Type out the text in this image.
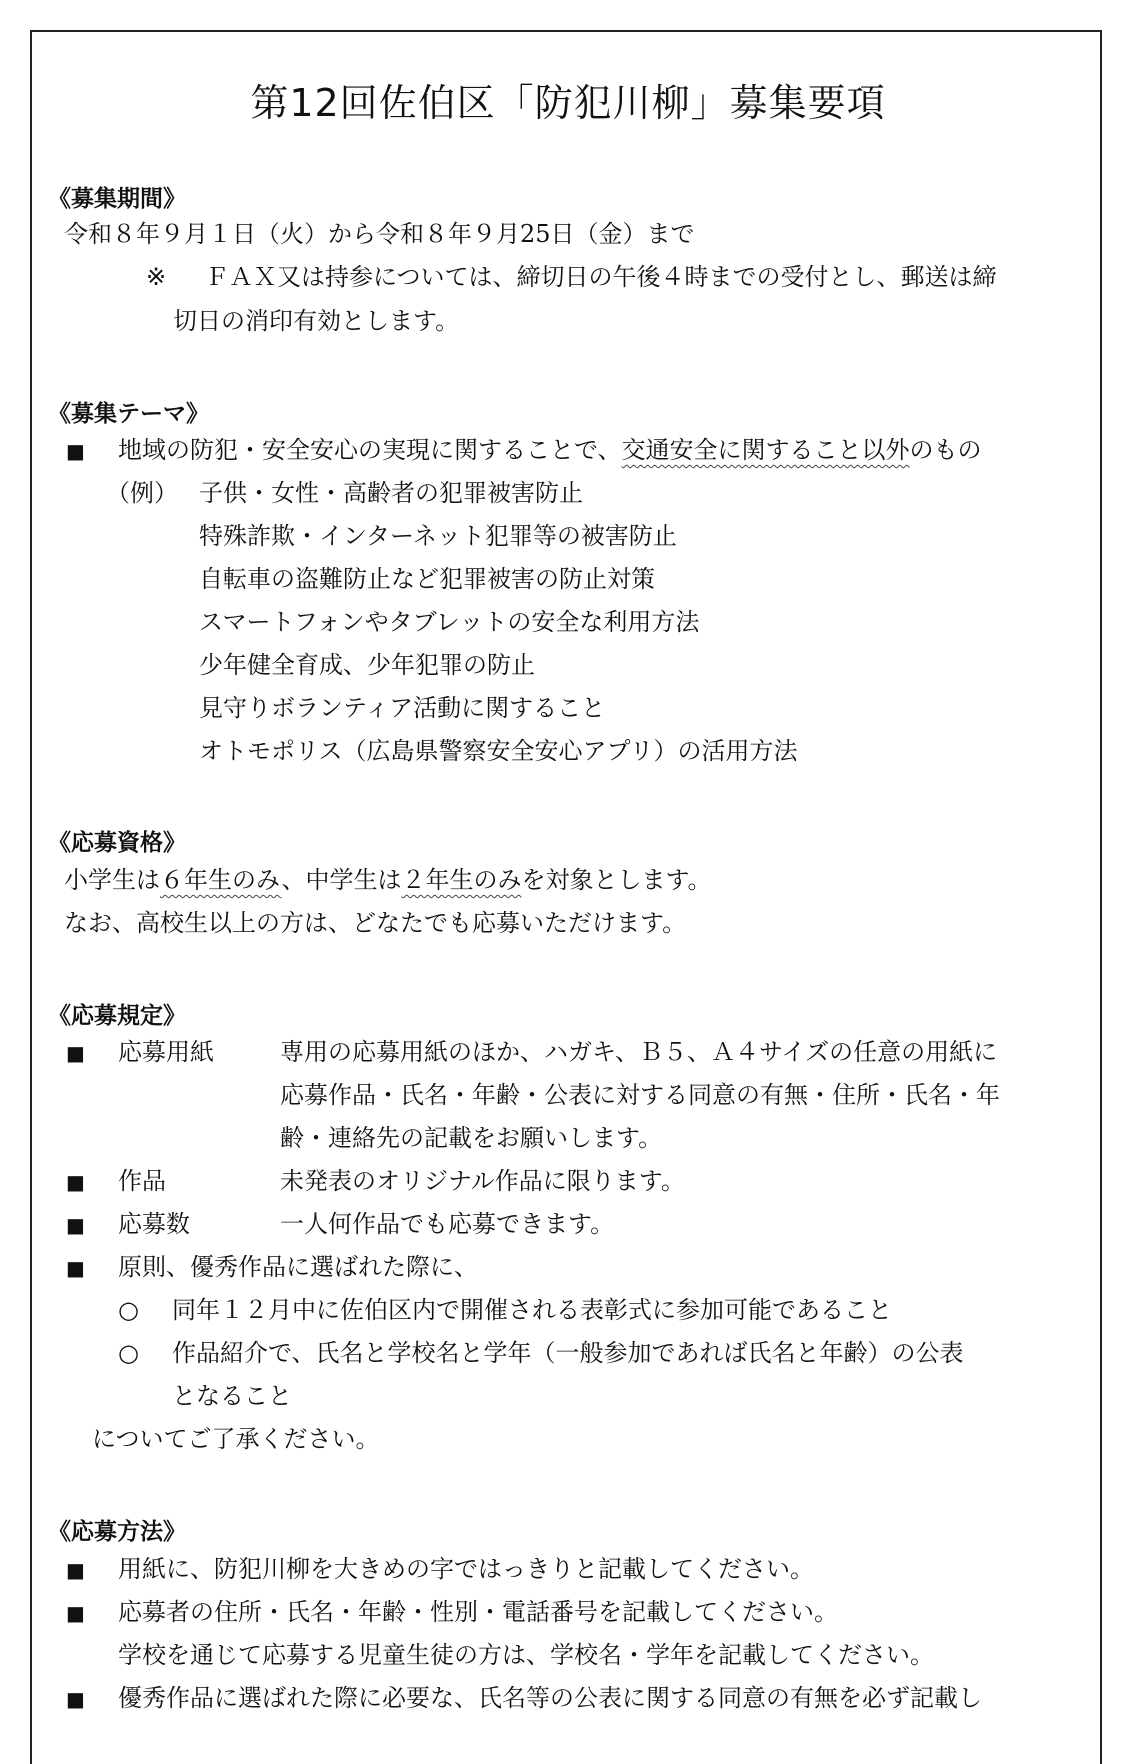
第12回佐伯区「防犯川柳」募集要項
《募集期間》
令和８年９月１日（火）から令和８年９月25日（金）まで
※ ＦＡＸ又は持参については、締切日の午後４時までの受付とし、郵送は締
切日の消印有効とします。
《募集テーマ》
■ 地域の防犯・安全安心の実現に関することで、交通安全に関すること以外のもの
（例） 子供・女性・高齢者の犯罪被害防止
特殊詐欺・インターネット犯罪等の被害防止
自転車の盗難防止など犯罪被害の防止対策
スマートフォンやタブレットの安全な利用方法
少年健全育成、少年犯罪の防止
見守りボランティア活動に関すること
オトモポリス（広島県警察安全安心アプリ）の活用方法
《応募資格》
小学生は６年生のみ、中学生は２年生のみを対象とします。
なお、高校生以上の方は、どなたでも応募いただけます。
《応募規定》
■ 応募用紙	専用の応募用紙のほか、ハガキ、Ｂ５、Ａ４サイズの任意の用紙に
応募作品・氏名・年齢・公表に対する同意の有無・住所・氏名・年
齢・連絡先の記載をお願いします。
■ 作品	未発表のオリジナル作品に限ります。
■ 応募数	一人何作品でも応募できます。
■ 原則、優秀作品に選ばれた際に、
○ 同年１２月中に佐伯区内で開催される表彰式に参加可能であること
○ 作品紹介で、氏名と学校名と学年（一般参加であれば氏名と年齢）の公表
となること
についてご了承ください。
《応募方法》
■ 用紙に、防犯川柳を大きめの字ではっきりと記載してください。
■ 応募者の住所・氏名・年齢・性別・電話番号を記載してください。
学校を通じて応募する児童生徒の方は、学校名・学年を記載してください。
■ 優秀作品に選ばれた際に必要な、氏名等の公表に関する同意の有無を必ず記載し
